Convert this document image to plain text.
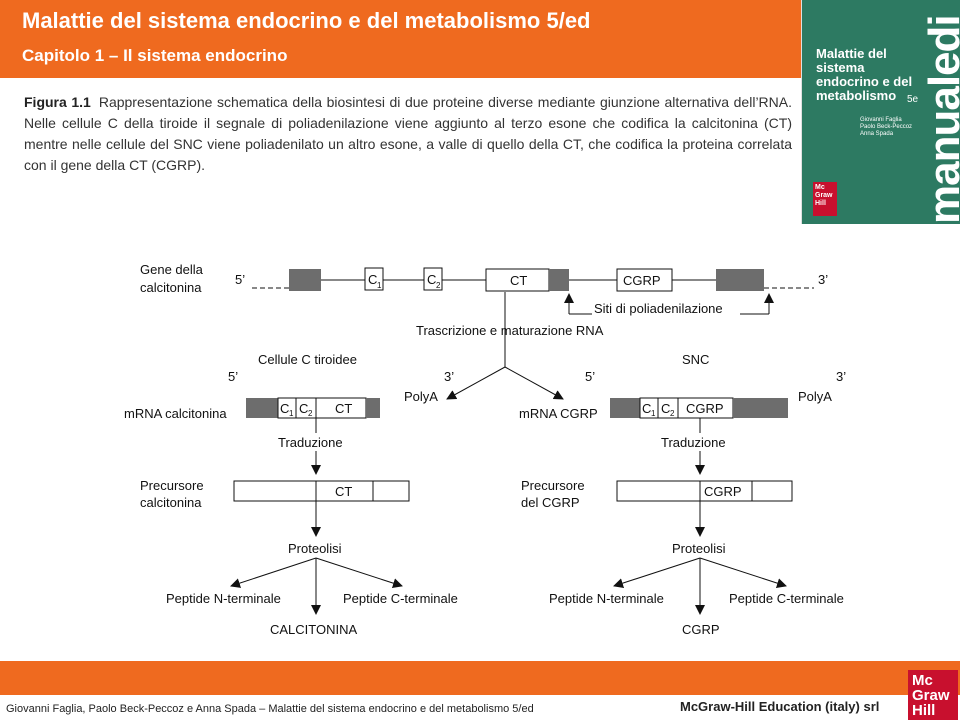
Malattie del sistema endocrino e del metabolismo 5/ed
Capitolo 1 – Il sistema endocrino	Malattie del sistema endocrino e del metabolismo	5e
Giovanni Faglia
Paolo Beck-Peccoz
Anna Spada manualedi
Mc
Graw
Hill
Figura 1.1 Rappresentazione schematica della biosintesi di due proteine diverse mediante giunzione alternativa dell’RNA. Nelle cellule C della tiroide il segnale di poliadenilazione viene aggiunto al terzo esone che codifica la calcitonina (CT) mentre nelle cellule del SNC viene poliadenilato un altro esone, a valle di quello della CT, che codifica la proteina correlata con il gene della CT (CGRP).
Gene della
calcitonina
5’	3’
C 1	C 2	CT	CGRP
Siti di poliadenilazione
Trascrizione e maturazione RNA
Cellule C tiroidee
5’	3’
mRNA calcitonina	C 1 C 2 CT
PolyA
Traduzione
Precursore
calcitonina
CT
Proteolisi
Peptide N-terminale	Peptide C-terminale
CALCITONINA
SNC
5’	3’
mRNA CGRP	C 1 C 2 CGRP
PolyA
Traduzione
Precursore
del CGRP
CGRP
Proteolisi
Peptide N-terminale	Peptide C-terminale
CGRP
Giovanni Faglia, Paolo Beck-Peccoz e Anna Spada – Malattie del sistema endocrino e del metabolismo 5/ed	McGraw-Hill Education (italy) srl
Mc
Graw
Hill
